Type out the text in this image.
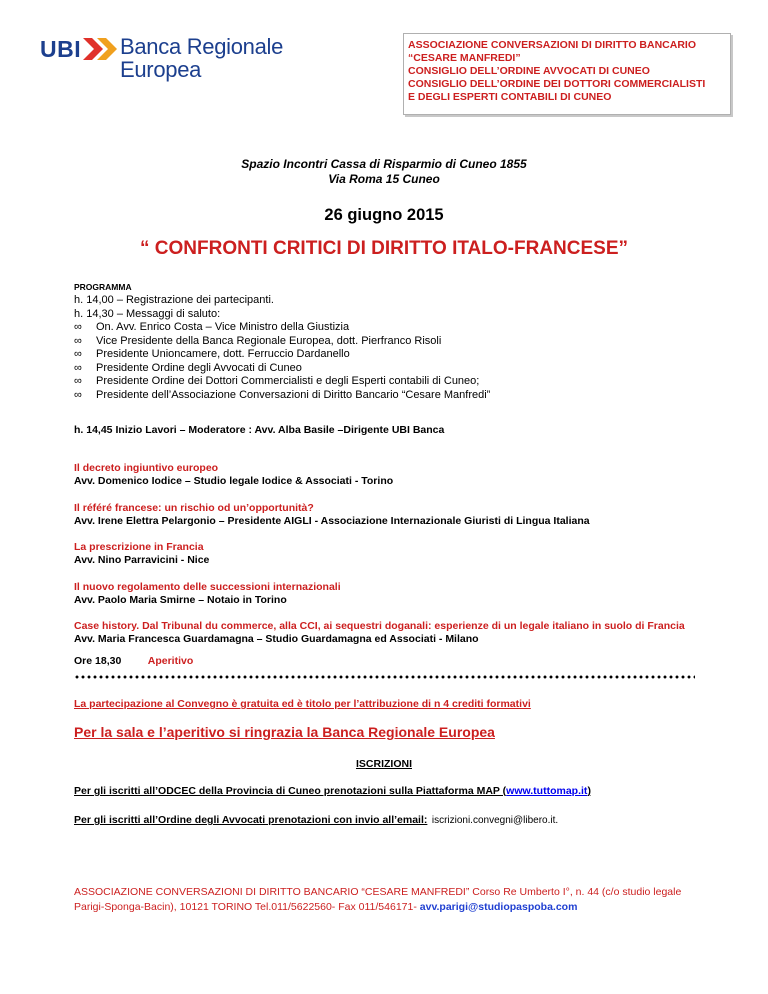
UBI Banca Regionale
Europea
ASSOCIAZIONE CONVERSAZIONI DI DIRITTO BANCARIO
“CESARE MANFREDI”
CONSIGLIO DELL’ORDINE AVVOCATI DI CUNEO
CONSIGLIO DELL’ORDINE DEI DOTTORI COMMERCIALISTI
E DEGLI ESPERTI CONTABILI DI CUNEO
Spazio Incontri Cassa di Risparmio di Cuneo 1855
Via Roma 15 Cuneo
26 giugno 2015
“ CONFRONTI CRITICI DI DIRITTO ITALO-FRANCESE”
PROGRAMMA
h. 14,00 – Registrazione dei partecipanti.
h. 14,30 – Messaggi di saluto:
∞	On. Avv. Enrico Costa – Vice Ministro della Giustizia
∞	Vice Presidente della Banca Regionale Europea, dott. Pierfranco Risoli
∞	Presidente Unioncamere, dott. Ferruccio Dardanello
∞	Presidente Ordine degli Avvocati di Cuneo
∞	Presidente Ordine dei Dottori Commercialisti e degli Esperti contabili di Cuneo;
∞	Presidente dell’Associazione Conversazioni di Diritto Bancario “Cesare Manfredi”
h. 14,45 Inizio Lavori – Moderatore : Avv. Alba Basile –Dirigente UBI Banca
Il decreto ingiuntivo europeo
Avv. Domenico Iodice – Studio legale Iodice & Associati - Torino
Il référé francese: un rischio od un’opportunità?
Avv. Irene Elettra Pelargonio – Presidente AIGLI - Associazione Internazionale Giuristi di Lingua Italiana
La prescrizione in Francia
Avv. Nino Parravicini - Nice
Il nuovo regolamento delle successioni internazionali
Avv. Paolo Maria Smirne – Notaio in Torino
Case history. Dal Tribunal du commerce, alla CCI, ai sequestri doganali: esperienze di un legale italiano in suolo di Francia
Avv. Maria Francesca Guardamagna – Studio Guardamagna ed Associati - Milano
Ore 18,30	Aperitivo
La partecipazione al Convegno è gratuita ed è titolo per l’attribuzione di n 4 crediti formativi
Per la sala e l’aperitivo si ringrazia la Banca Regionale Europea
ISCRIZIONI
Per gli iscritti all’ODCEC della Provincia di Cuneo prenotazioni sulla Piattaforma MAP (www.tuttomap.it)
Per gli iscritti all’Ordine degli Avvocati prenotazioni con invio all’email: iscrizioni.convegni@libero.it.
ASSOCIAZIONE CONVERSAZIONI DI DIRITTO BANCARIO “CESARE MANFREDI” Corso Re Umberto I°, n. 44 (c/o studio legale Parigi-Sponga-Bacin), 10121 TORINO Tel.011/5622560- Fax 011/546171- avv.parigi@studiopaspoba.com
